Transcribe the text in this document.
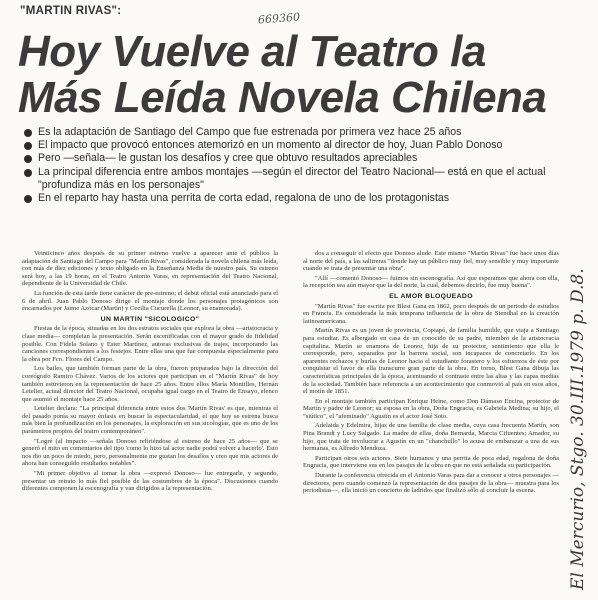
"MARTIN RIVAS":	669360
Hoy Vuelve al Teatro la
Más Leída Novela Chilena
Es la adaptación de Santiago del Campo que fue estrenada por primera vez hace 25 años
El impacto que provocó entonces atemorizó en un momento al director de hoy, Juan Pablo Donoso
Pero —señala— le gustan los desafíos y cree que obtuvo resultados apreciables
La principal diferencia entre ambos montajes —según el director del Teatro Nacional— está en que el actual "profundiza más en los personajes"
En el reparto hay hasta una perrita de corta edad, regalona de uno de los protagonistas

Veinticinco años después de su primer estreno vuelve a aparecer ante el público la adaptación de Santiago del Campo para "Martín Rivas", considerada la novela chilena más leída, con más de diez ediciones y texto obligado en la Enseñanza Media de nuestro país. Su estreno será hoy, a las 19 horas, en el Teatro Antonio Varas, en representación del Teatro Nacional, dependiente de la Universidad de Chile.

La función de esta tarde tiene carácter de pre-estreno; el debut oficial está anunciado para el 6 de abril. Juan Pablo Donoso dirige el montaje donde los personajes protagónicos son encarnados por Jaime Azócar (Martín) y Cecilia Cucurella (Leonor, su enamorada).

UN MARTIN "SICOLOGICO"

Fiestas de la época, situadas en los dos estratos sociales que explora la obra —aristocracia y clase media— completan la presentación. Serán escenificadas con el mayor grado de fidelidad posible. Con Fidela Solano y Ester Martínez, autoras exclusivas de trajes, incorporando las canciones correspondientes a los festejos. Entre ellas una que fue compuesta especialmente para la obra por Fco. Flores del Campo.

Los bailes, que también forman parte de la obra, fueron preparados bajo la dirección del coreógrafo Ramiro Chávez. Varios de los actores que participan en el "Martín Rivas" de hoy también estuvieron en la representación de hace 25 años. Entre ellos María Montilles, Hernán Letelier, actual director del Teatro Nacional, ocupaba igual cargo en el Teatro de Ensayo, elenco que asumió el montaje hace 25 años.

Letelier declara: "La principal diferencia entre estos dos 'Martín Rivas' es que, mientras el del pasado ponía su mayor énfasis en buscar la espectacularidad, el que hoy se estrena busca más bien la profundización en los personajes, la exploración en sus sicologías, que es uno de los parámetros propios del teatro contemporáneo".

"Logré (al impacto —señala Donoso refiriéndose al estreno de hace 25 años— que se generó el mito en comentarios del tipo 'como lo hizo tal actor nadie podrá volver a hacerlo'. Esto nos dio un poco de miedo, pero, personalmente me gustan los desafíos y creo que mis actores de ahora han conseguido resultados notables".

"Mi primer objetivo al tomar la obra —expresó Donoso— fue entregarle, y segundo, presentar un retrato lo más fiel posible de las costumbres de la época". Discusiones cuando diferentes componen la escenografía y van dirigidos a la representación.

dos a conseguir el efecto que Donoso alude. Este mismo "Martín Rivas" fue hace unos días al norte del país, a las salitreras "donde hay un público muy fiel, muy sensible y muy importante cuando se trata de presentar una obra".

"Allí —comentó Donoso— fuimos sin escenografía. Así que esperamos que ahora con ella, la recepción sea aún mayor que la del norte, la cual, debemos decirlo, fue muy buena".

EL AMOR BLOQUEADO

"Martín Rivas" fue escrita por Blest Gana en 1862, poco después de un periodo de estudios en Francia. Es considerada la más temprana influencia de la obra de Stendhal en la creación latinoamericana.

Martín Rivas es un joven de provincia, Copiapó, de familia humilde, que viaja a Santiago para estudiar. Es albergado en casa de un conocido de su padre, miembro de la aristocracia capitalina. Martín se enamora de Leonor, hija de su protector, sentimiento que ella le corresponde, pero, separados por la barrera social, son incapaces de concretarlo. En los aparentes rechazos y burlas de Leonor hacia el estudiante forastero y los esfuerzos de éste por conquistar el favor de ella transcurre gran parte de la obra. En torno, Blest Gana dibuja las características principales de la época, acentuando el contraste entre las altas y las capas medias de la sociedad. También hace referencia a un acontecimiento que conmovió al país en esos años, el motín de 1851.

En el montaje también participan Enrique Heine, como Don Dámaso Encina, protector de Martín y padre de Leonor; su esposa en la obra, Doña Engracia, es Gabriela Medina; su hijo, el "siútico", el "afeminado" Agustín es el actor José Soto.

Adelaida y Edelmira, hijas de una familia de clase media, cuya casa frecuenta Martín, son Pina Brandt y Lucy Salgado. La madre de ellas, doña Bernarda, Marcia Cifuentes; Amador, su hijo, que trata de involucrar a Agustín en un "chanchullo" lo acusa de embarazar a una de sus hermanas, es Alfredo Mendoza.

Participan otros seis actores. Siete humanos y una perrita de poca edad, regalona de doña Engracia, que interviene sus en los pasajes de la obra en que no está señalada su participación.

Durante la conferencia ofrecida en el Antonio Varas para dar a conocer a otros personajes —directores, pero cuando comenzó la representación de dos pasajes de la obra— muestra para los periodistas—, ella inició un concierto de ladridos que finalizó sólo al concluir la escena.	El Mercurio, Stgo. 30.III.1979 p. D.8.
